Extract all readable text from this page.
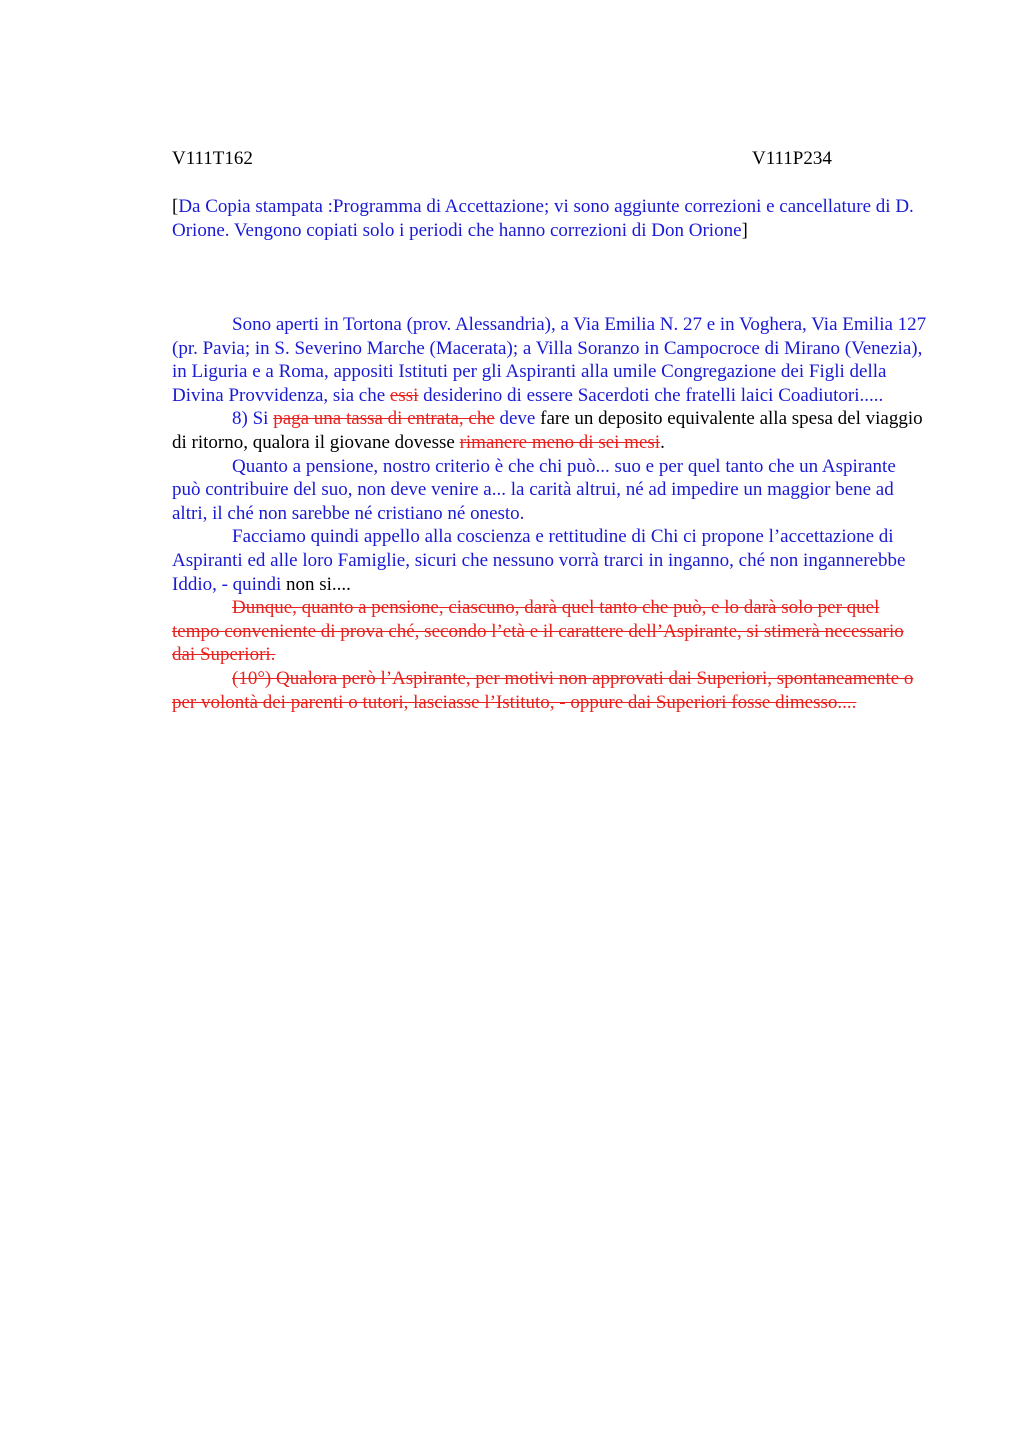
V111T162	V111P234

[Da Copia stampata :Programma di Accettazione; vi sono aggiunte correzioni e cancellature di D. Orione. Vengono copiati solo i periodi che hanno correzioni di Don Orione]

Sono aperti in Tortona (prov. Alessandria), a Via Emilia N. 27 e in Voghera, Via Emilia 127 (pr. Pavia; in S. Severino Marche (Macerata); a Villa Soranzo in Campocroce di Mirano (Venezia), in Liguria e a Roma, appositi Istituti per gli Aspiranti alla umile Congregazione dei Figli della Divina Provvidenza, sia che essi desiderino di essere Sacerdoti che fratelli laici Coadiutori.....

8) Si paga una tassa di entrata, che deve fare un deposito equivalente alla spesa del viaggio di ritorno, qualora il giovane dovesse rimanere meno di sei mesi.

Quanto a pensione, nostro criterio è che chi può... suo e per quel tanto che un Aspirante può contribuire del suo, non deve venire a... la carità altrui, né ad impedire un maggior bene ad altri, il ché non sarebbe né cristiano né onesto.

Facciamo quindi appello alla coscienza e rettitudine di Chi ci propone l’accettazione di Aspiranti ed alle loro Famiglie, sicuri che nessuno vorrà trarci in inganno, ché non ingannerebbe Iddio, - quindi non si....

Dunque, quanto a pensione, ciascuno, darà quel tanto che può, e lo darà solo per quel tempo conveniente di prova ché, secondo l’età e il carattere dell’Aspirante, si stimerà necessario dai Superiori.

(10°) Qualora però l’Aspirante, per motivi non approvati dai Superiori, spontaneamente o per volontà dei parenti o tutori, lasciasse l’Istituto, - oppure dai Superiori fosse dimesso....
